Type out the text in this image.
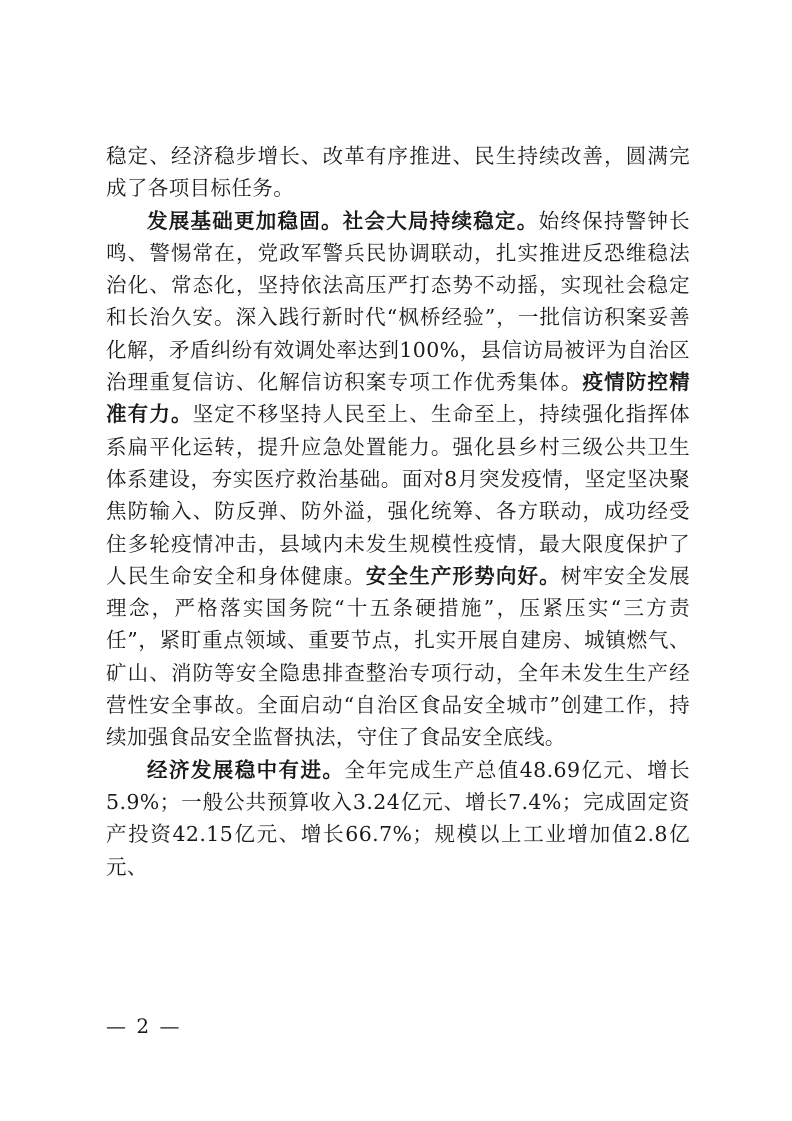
稳定、经济稳步增长、改革有序推进、民生持续改善，圆满完成了各项目标任务。

发展基础更加稳固。社会大局持续稳定。始终保持警钟长鸣、警惕常在，党政军警兵民协调联动，扎实推进反恐维稳法治化、常态化，坚持依法高压严打态势不动摇，实现社会稳定和长治久安。深入践行新时代“枫桥经验”，一批信访积案妥善化解，矛盾纠纷有效调处率达到100%，县信访局被评为自治区治理重复信访、化解信访积案专项工作优秀集体。疫情防控精准有力。坚定不移坚持人民至上、生命至上，持续强化指挥体系扁平化运转，提升应急处置能力。强化县乡村三级公共卫生体系建设，夯实医疗救治基础。面对8月突发疫情，坚定坚决聚焦防输入、防反弹、防外溢，强化统筹、各方联动，成功经受住多轮疫情冲击，县域内未发生规模性疫情，最大限度保护了人民生命安全和身体健康。安全生产形势向好。树牢安全发展理念，严格落实国务院“十五条硬措施”，压紧压实“三方责任”，紧盯重点领域、重要节点，扎实开展自建房、城镇燃气、矿山、消防等安全隐患排查整治专项行动，全年未发生生产经营性安全事故。全面启动“自治区食品安全城市”创建工作，持续加强食品安全监督执法，守住了食品安全底线。

经济发展稳中有进。全年完成生产总值48.69亿元、增长5.9%；一般公共预算收入3.24亿元、增长7.4%；完成固定资产投资42.15亿元、增长66.7%；规模以上工业增加值2.8亿元、

— 2 —
